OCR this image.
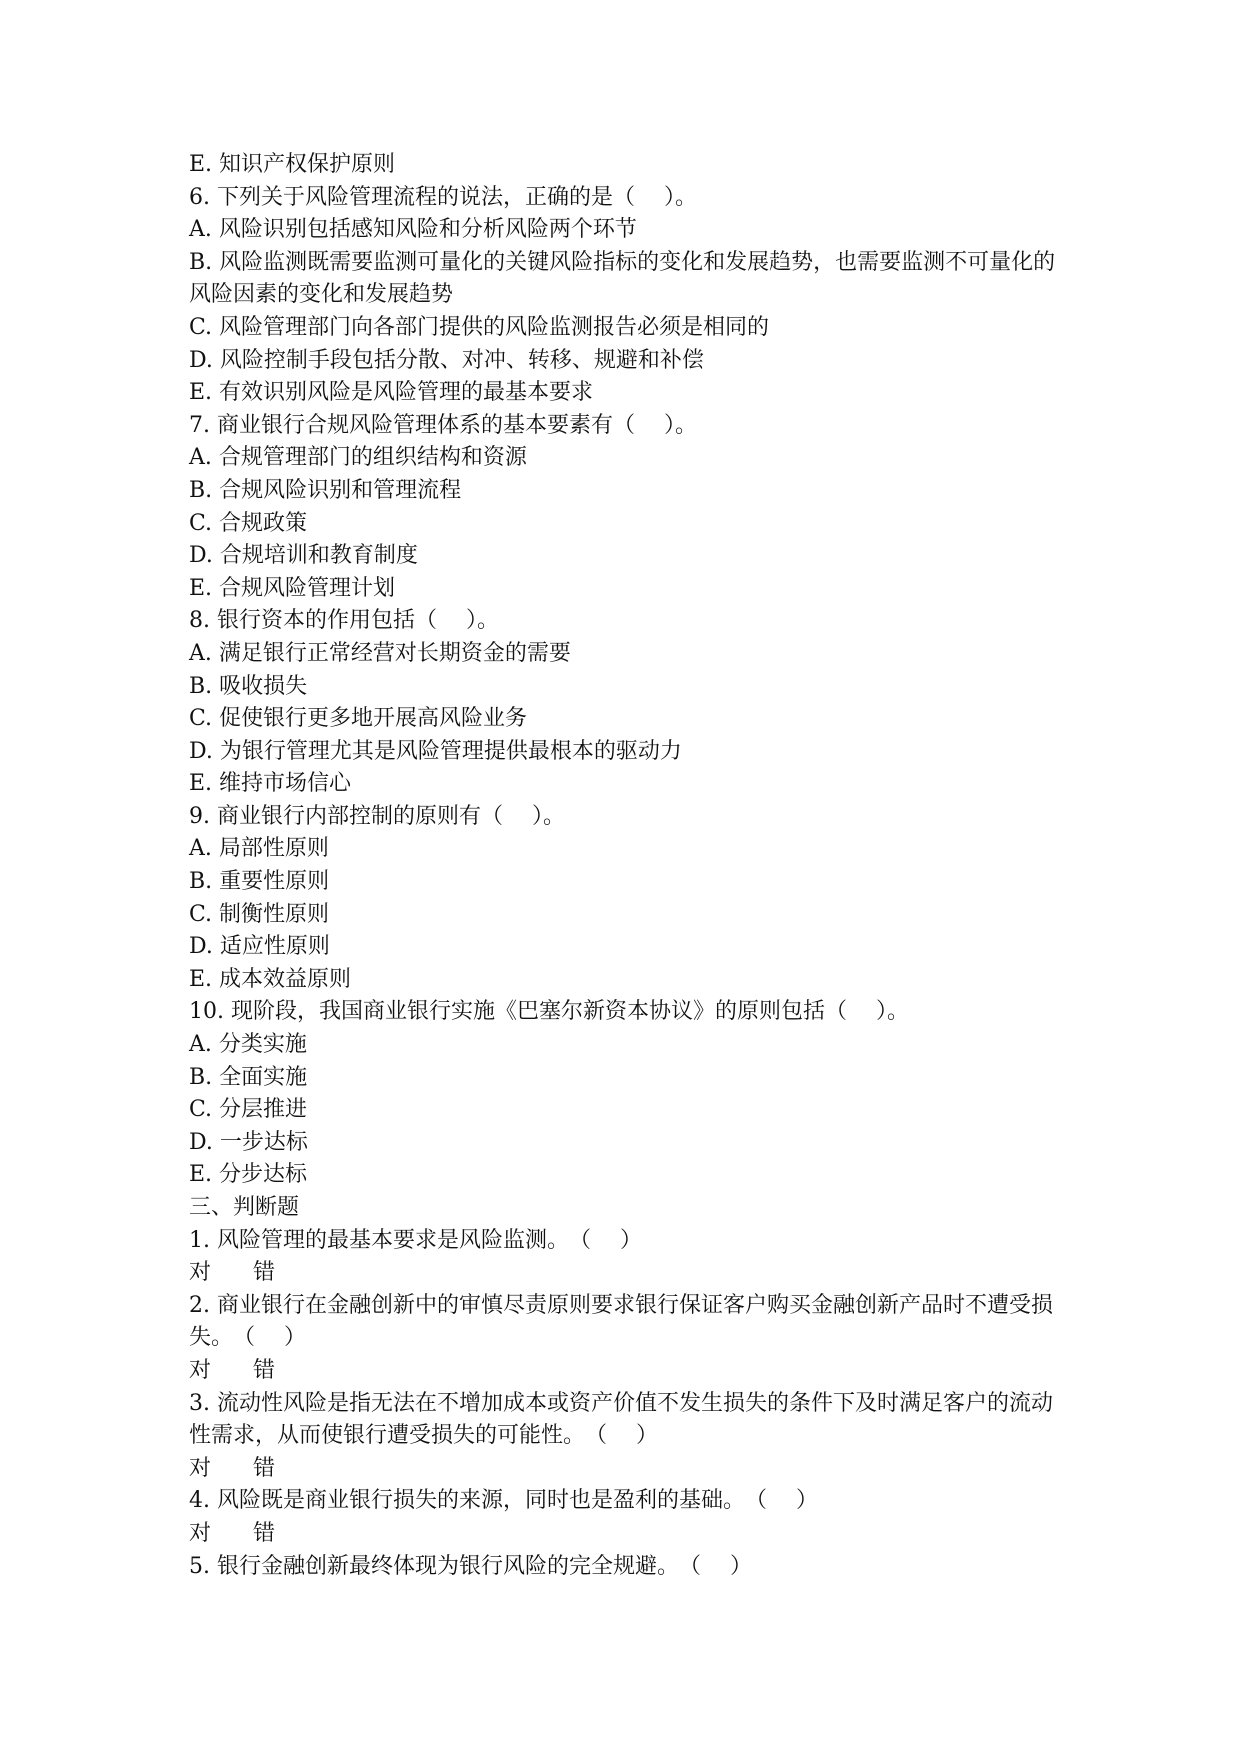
E. 知识产权保护原则
6. 下列关于风险管理流程的说法，正确的是（　 ）。
A. 风险识别包括感知风险和分析风险两个环节
B. 风险监测既需要监测可量化的关键风险指标的变化和发展趋势，也需要监测不可量化的风险因素的变化和发展趋势
C. 风险管理部门向各部门提供的风险监测报告必须是相同的
D. 风险控制手段包括分散、对冲、转移、规避和补偿
E. 有效识别风险是风险管理的最基本要求
7. 商业银行合规风险管理体系的基本要素有（　 ）。
A. 合规管理部门的组织结构和资源
B. 合规风险识别和管理流程
C. 合规政策
D. 合规培训和教育制度
E. 合规风险管理计划
8. 银行资本的作用包括（　 ）。
A. 满足银行正常经营对长期资金的需要
B. 吸收损失
C. 促使银行更多地开展高风险业务
D. 为银行管理尤其是风险管理提供最根本的驱动力
E. 维持市场信心
9. 商业银行内部控制的原则有（　 ）。
A. 局部性原则
B. 重要性原则
C. 制衡性原则
D. 适应性原则
E. 成本效益原则
10. 现阶段，我国商业银行实施《巴塞尔新资本协议》的原则包括（　 ）。
A. 分类实施
B. 全面实施
C. 分层推进
D. 一步达标
E. 分步达标
三、判断题
1. 风险管理的最基本要求是风险监测。　（　 ）
对 错
2. 商业银行在金融创新中的审慎尽责原则要求银行保证客户购买金融创新产品时不遭受损失。　（　 ）
对 错
3. 流动性风险是指无法在不增加成本或资产价值不发生损失的条件下及时满足客户的流动性需求，从而使银行遭受损失的可能性。　（　 ）
对 错
4. 风险既是商业银行损失的来源，同时也是盈利的基础。　（　 ）
对 错
5. 银行金融创新最终体现为银行风险的完全规避。　（　 ）
